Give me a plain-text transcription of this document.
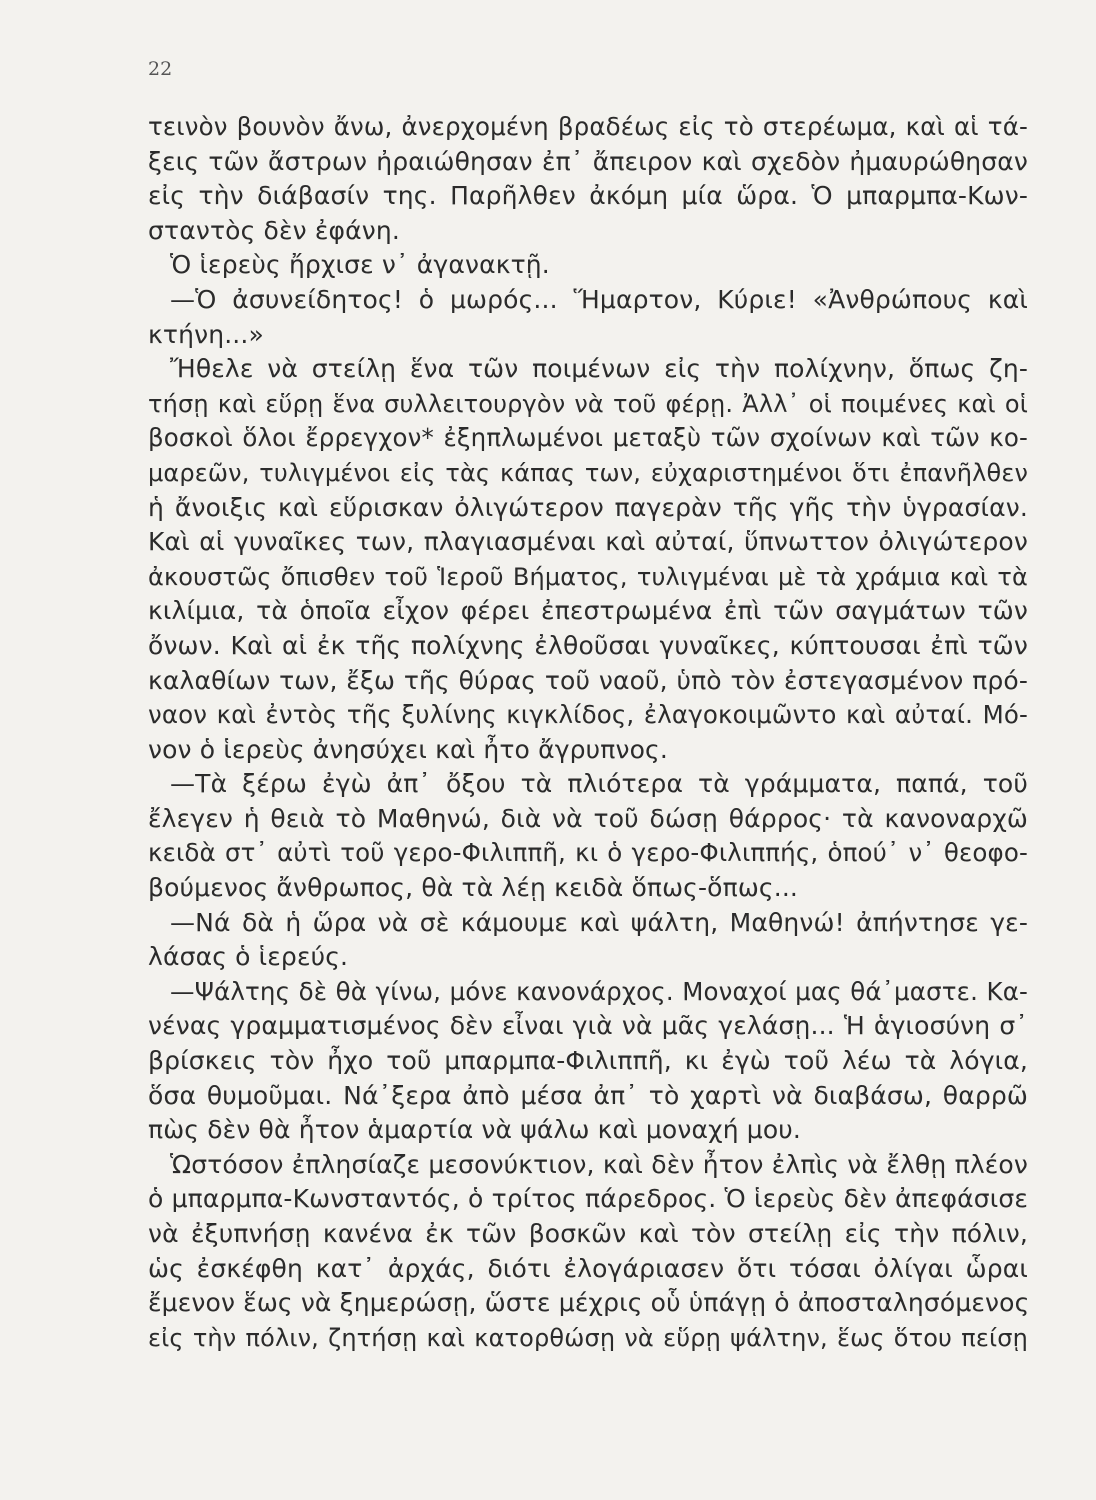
22
τεινὸν βουνὸν ἄνω, ἀνερχομένη βραδέως εἰς τὸ στερέωμα, καὶ αἱ τά-
ξεις τῶν ἄστρων ἠραιώθησαν ἐπ᾽ ἄπειρον καὶ σχεδὸν ἠμαυρώθησαν
εἰς τὴν διάβασίν της. Παρῆλθεν ἀκόμη μία ὥρα. Ὁ μπαρμπα-Κων-
σταντὸς δὲν ἐφάνη.
Ὁ ἱερεὺς ἤρχισε ν᾽ ἀγανακτῇ.
—Ὁ ἀσυνείδητος! ὁ μωρός... Ἥμαρτον, Κύριε! «Ἀνθρώπους καὶ
κτήνη...»
Ἤθελε νὰ στείλῃ ἕνα τῶν ποιμένων εἰς τὴν πολίχνην, ὅπως ζη-
τήσῃ καὶ εὕρῃ ἕνα συλλειτουργὸν νὰ τοῦ φέρῃ. Ἀλλ᾽ οἱ ποιμένες καὶ οἱ
βοσκοὶ ὅλοι ἔρρεγχον* ἐξηπλωμένοι μεταξὺ τῶν σχοίνων καὶ τῶν κο-
μαρεῶν, τυλιγμένοι εἰς τὰς κάπας των, εὐχαριστημένοι ὅτι ἐπανῆλθεν
ἡ ἄνοιξις καὶ εὕρισκαν ὀλιγώτερον παγερὰν τῆς γῆς τὴν ὑγρασίαν.
Καὶ αἱ γυναῖκες των, πλαγιασμέναι καὶ αὐταί, ὕπνωττον ὀλιγώτερον
ἀκουστῶς ὄπισθεν τοῦ Ἱεροῦ Βήματος, τυλιγμέναι μὲ τὰ χράμια καὶ τὰ
κιλίμια, τὰ ὁποῖα εἶχον φέρει ἐπεστρωμένα ἐπὶ τῶν σαγμάτων τῶν
ὄνων. Καὶ αἱ ἐκ τῆς πολίχνης ἐλθοῦσαι γυναῖκες, κύπτουσαι ἐπὶ τῶν
καλαθίων των, ἔξω τῆς θύρας τοῦ ναοῦ, ὑπὸ τὸν ἐστεγασμένον πρό-
ναον καὶ ἐντὸς τῆς ξυλίνης κιγκλίδος, ἐλαγοκοιμῶντο καὶ αὐταί. Μό-
νον ὁ ἱερεὺς ἀνησύχει καὶ ἦτο ἄγρυπνος.
—Τὰ ξέρω ἐγὼ ἀπ᾽ ὄξου τὰ πλιότερα τὰ γράμματα, παπά, τοῦ
ἔλεγεν ἡ θειὰ τὸ Μαθηνώ, διὰ νὰ τοῦ δώσῃ θάρρος· τὰ κανοναρχῶ
κειδὰ στ᾽ αὐτὶ τοῦ γερο-Φιλιππῆ, κι ὁ γερο-Φιλιππής, ὁπού᾽ ν᾽ θεοφο-
βούμενος ἄνθρωπος, θὰ τὰ λέῃ κειδὰ ὅπως-ὅπως...
—Νά δὰ ἡ ὥρα νὰ σὲ κάμουμε καὶ ψάλτη, Μαθηνώ! ἀπήντησε γε-
λάσας ὁ ἱερεύς.
—Ψάλτης δὲ θὰ γίνω, μόνε κανονάρχος. Μοναχοί μας θά᾽μαστε. Κα-
νένας γραμματισμένος δὲν εἶναι γιὰ νὰ μᾶς γελάσῃ... Ἡ ἁγιοσύνη σ᾽
βρίσκεις τὸν ἦχο τοῦ μπαρμπα-Φιλιππῆ, κι ἐγὼ τοῦ λέω τὰ λόγια,
ὅσα θυμοῦμαι. Νά᾽ξερα ἀπὸ μέσα ἀπ᾽ τὸ χαρτὶ νὰ διαβάσω, θαρρῶ
πὼς δὲν θὰ ἦτον ἁμαρτία νὰ ψάλω καὶ μοναχή μου.
Ὡστόσον ἐπλησίαζε μεσονύκτιον, καὶ δὲν ἦτον ἐλπὶς νὰ ἔλθῃ πλέον
ὁ μπαρμπα-Κωνσταντός, ὁ τρίτος πάρεδρος. Ὁ ἱερεὺς δὲν ἀπεφάσισε
νὰ ἐξυπνήσῃ κανένα ἐκ τῶν βοσκῶν καὶ τὸν στείλῃ εἰς τὴν πόλιν,
ὡς ἐσκέφθη κατ᾽ ἀρχάς, διότι ἐλογάριασεν ὅτι τόσαι ὀλίγαι ὧραι
ἔμενον ἕως νὰ ξημερώσῃ, ὥστε μέχρις οὗ ὑπάγῃ ὁ ἀποσταλησόμενος
εἰς τὴν πόλιν, ζητήσῃ καὶ κατορθώσῃ νὰ εὕρῃ ψάλτην, ἕως ὅτου πείσῃ
